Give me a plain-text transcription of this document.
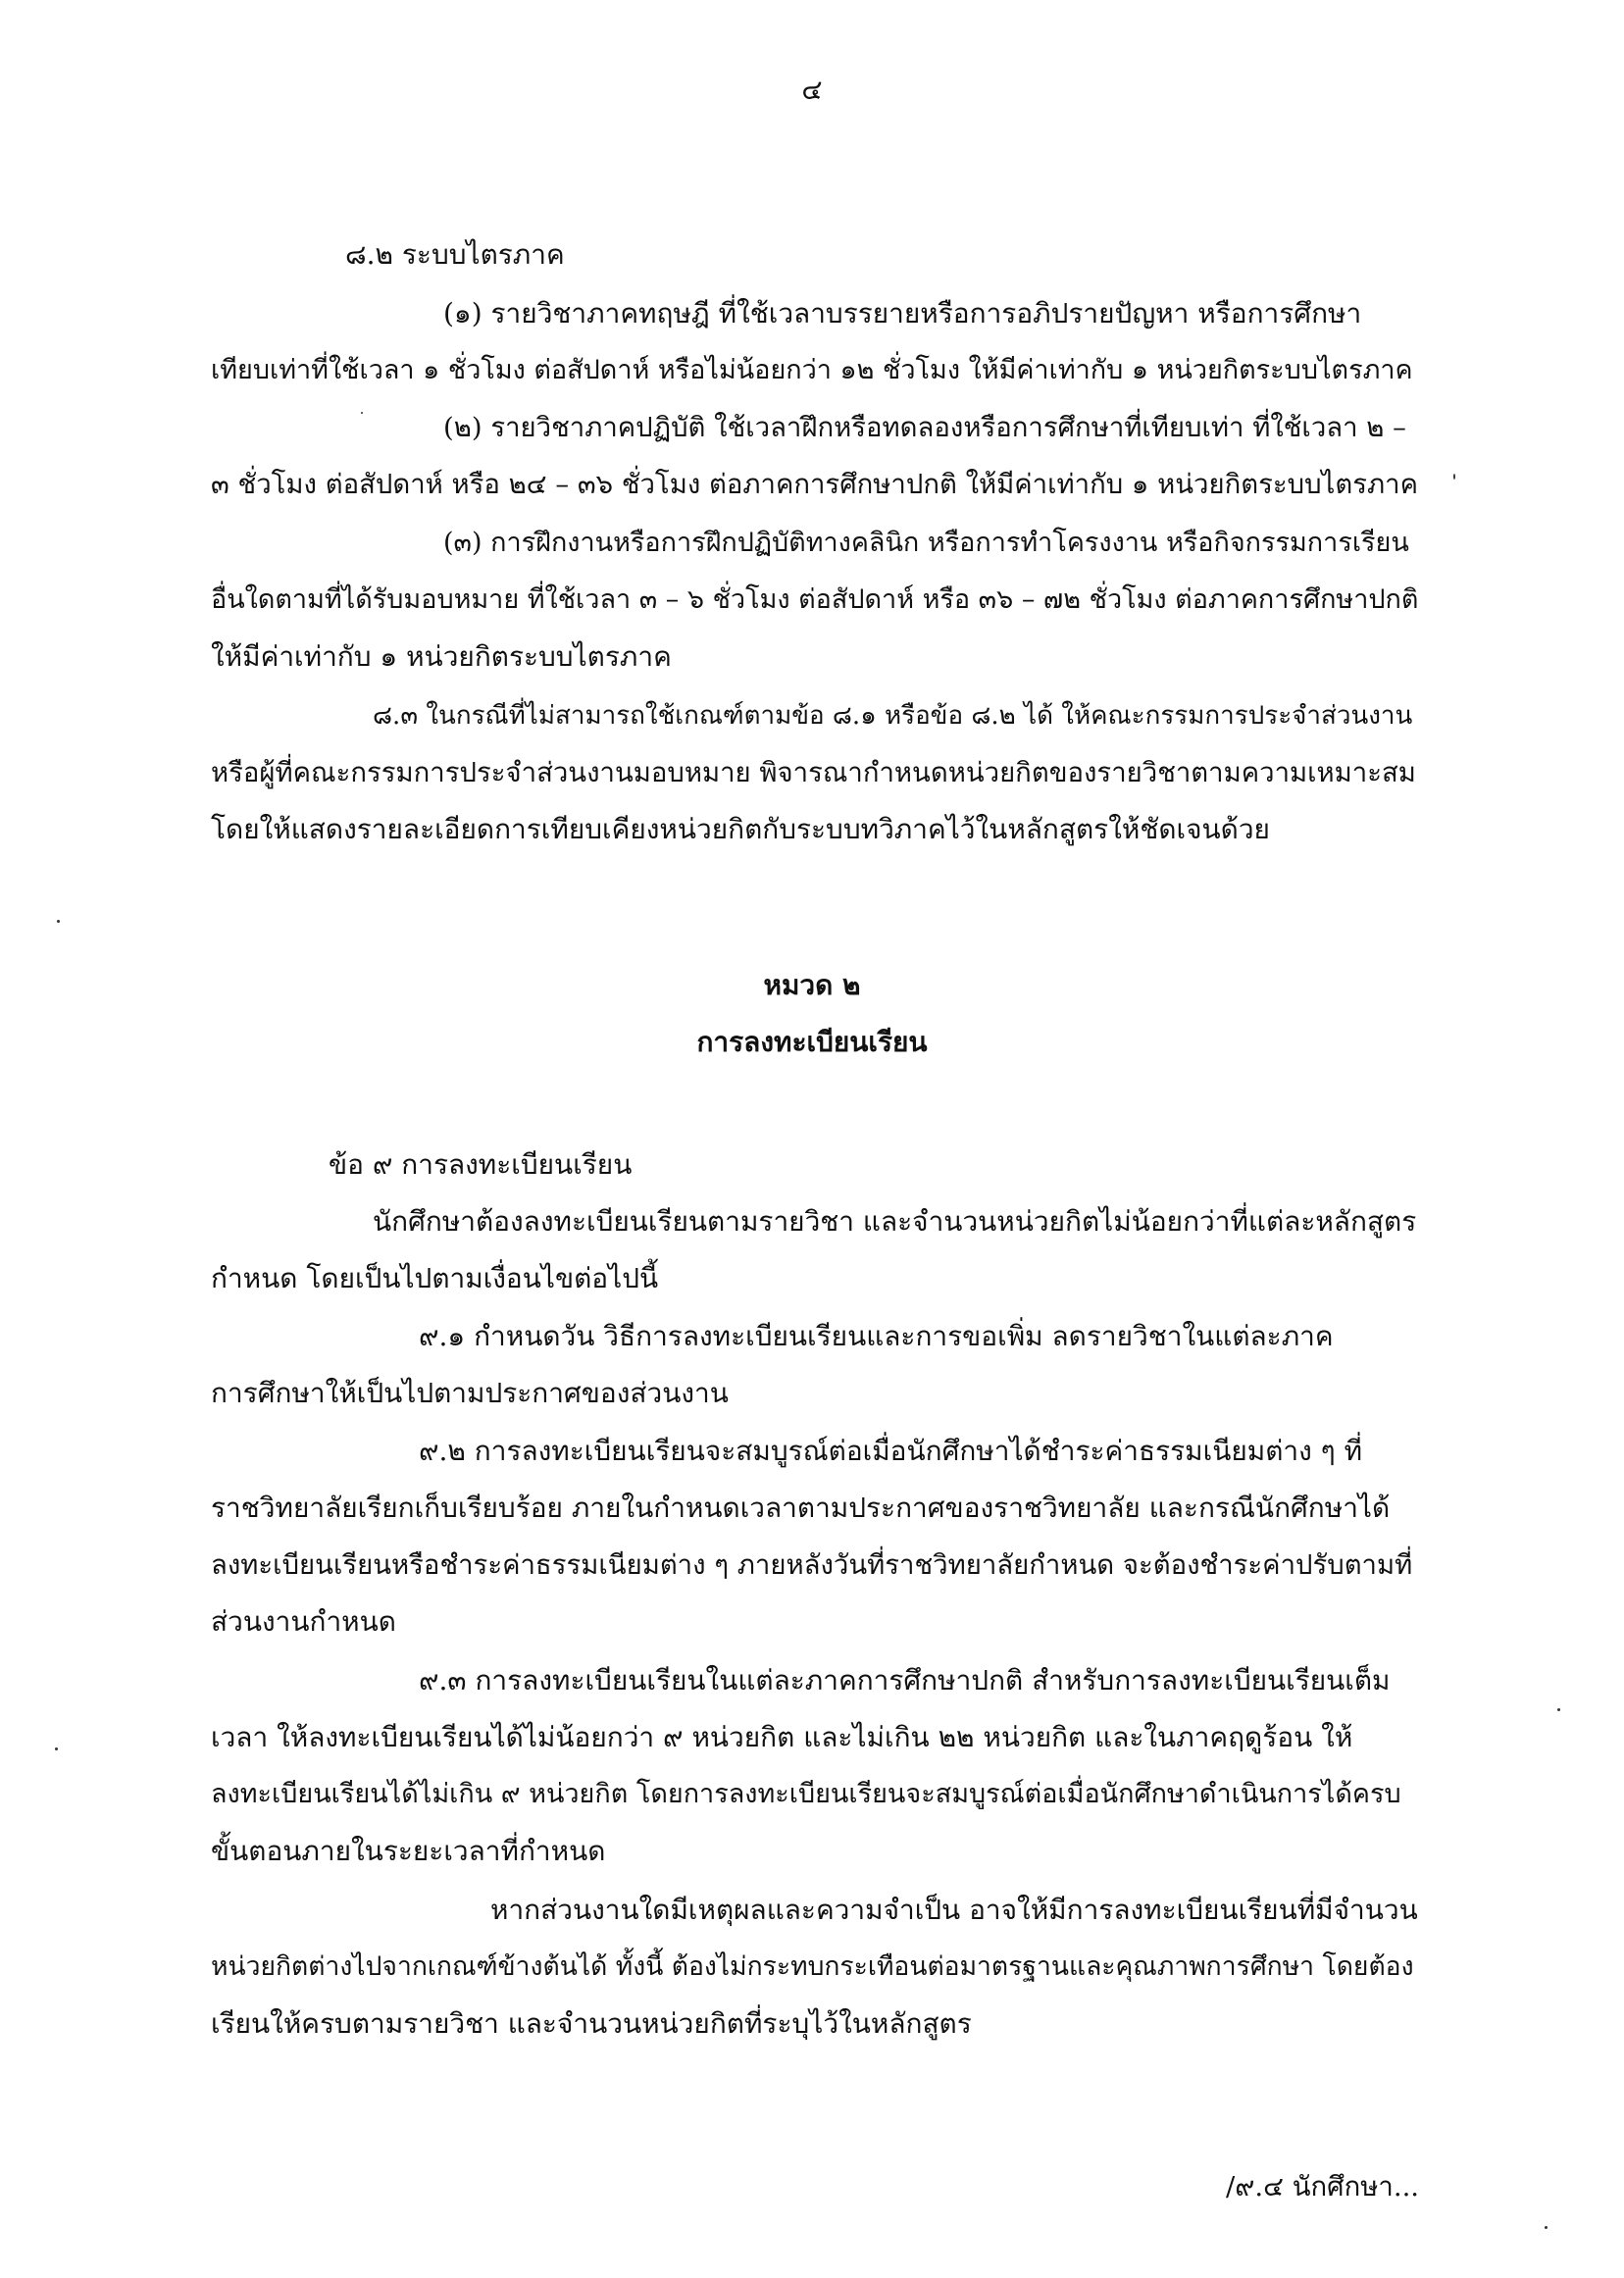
๔
๘.๒ ระบบไตรภาค
(๑) รายวิชาภาคทฤษฎี ที่ใช้เวลาบรรยายหรือการอภิปรายปัญหา หรือการศึกษา
เทียบเท่าที่ใช้เวลา ๑ ชั่วโมง ต่อสัปดาห์ หรือไม่น้อยกว่า ๑๒ ชั่วโมง ให้มีค่าเท่ากับ ๑ หน่วยกิตระบบไตรภาค
(๒) รายวิชาภาคปฏิบัติ ใช้เวลาฝึกหรือทดลองหรือการศึกษาที่เทียบเท่า ที่ใช้เวลา ๒ –
๓ ชั่วโมง ต่อสัปดาห์ หรือ ๒๔ – ๓๖ ชั่วโมง ต่อภาคการศึกษาปกติ ให้มีค่าเท่ากับ ๑ หน่วยกิตระบบไตรภาค
(๓) การฝึกงานหรือการฝึกปฏิบัติทางคลินิก หรือการทำโครงงาน หรือกิจกรรมการเรียน
อื่นใดตามที่ได้รับมอบหมาย ที่ใช้เวลา ๓ – ๖ ชั่วโมง ต่อสัปดาห์ หรือ ๓๖ – ๗๒ ชั่วโมง ต่อภาคการศึกษาปกติ
ให้มีค่าเท่ากับ ๑ หน่วยกิตระบบไตรภาค
๘.๓ ในกรณีที่ไม่สามารถใช้เกณฑ์ตามข้อ ๘.๑ หรือข้อ ๘.๒ ได้ ให้คณะกรรมการประจำส่วนงาน
หรือผู้ที่คณะกรรมการประจำส่วนงานมอบหมาย พิจารณากำหนดหน่วยกิตของรายวิชาตามความเหมาะสม
โดยให้แสดงรายละเอียดการเทียบเคียงหน่วยกิตกับระบบทวิภาคไว้ในหลักสูตรให้ชัดเจนด้วย
หมวด ๒
การลงทะเบียนเรียน
ข้อ ๙ การลงทะเบียนเรียน
นักศึกษาต้องลงทะเบียนเรียนตามรายวิชา และจำนวนหน่วยกิตไม่น้อยกว่าที่แต่ละหลักสูตร
กำหนด โดยเป็นไปตามเงื่อนไขต่อไปนี้
๙.๑ กำหนดวัน วิธีการลงทะเบียนเรียนและการขอเพิ่ม ลดรายวิชาในแต่ละภาค
การศึกษาให้เป็นไปตามประกาศของส่วนงาน
๙.๒ การลงทะเบียนเรียนจะสมบูรณ์ต่อเมื่อนักศึกษาได้ชำระค่าธรรมเนียมต่าง ๆ ที่
ราชวิทยาลัยเรียกเก็บเรียบร้อย ภายในกำหนดเวลาตามประกาศของราชวิทยาลัย และกรณีนักศึกษาได้
ลงทะเบียนเรียนหรือชำระค่าธรรมเนียมต่าง ๆ ภายหลังวันที่ราชวิทยาลัยกำหนด จะต้องชำระค่าปรับตามที่
ส่วนงานกำหนด
๙.๓ การลงทะเบียนเรียนในแต่ละภาคการศึกษาปกติ สำหรับการลงทะเบียนเรียนเต็ม
เวลา ให้ลงทะเบียนเรียนได้ไม่น้อยกว่า ๙ หน่วยกิต และไม่เกิน ๒๒ หน่วยกิต และในภาคฤดูร้อน ให้
ลงทะเบียนเรียนได้ไม่เกิน ๙ หน่วยกิต โดยการลงทะเบียนเรียนจะสมบูรณ์ต่อเมื่อนักศึกษาดำเนินการได้ครบ
ขั้นตอนภายในระยะเวลาที่กำหนด
หากส่วนงานใดมีเหตุผลและความจำเป็น อาจให้มีการลงทะเบียนเรียนที่มีจำนวน
หน่วยกิตต่างไปจากเกณฑ์ข้างต้นได้ ทั้งนี้ ต้องไม่กระทบกระเทือนต่อมาตรฐานและคุณภาพการศึกษา โดยต้อง
เรียนให้ครบตามรายวิชา และจำนวนหน่วยกิตที่ระบุไว้ในหลักสูตร
/๙.๔ นักศึกษา...
